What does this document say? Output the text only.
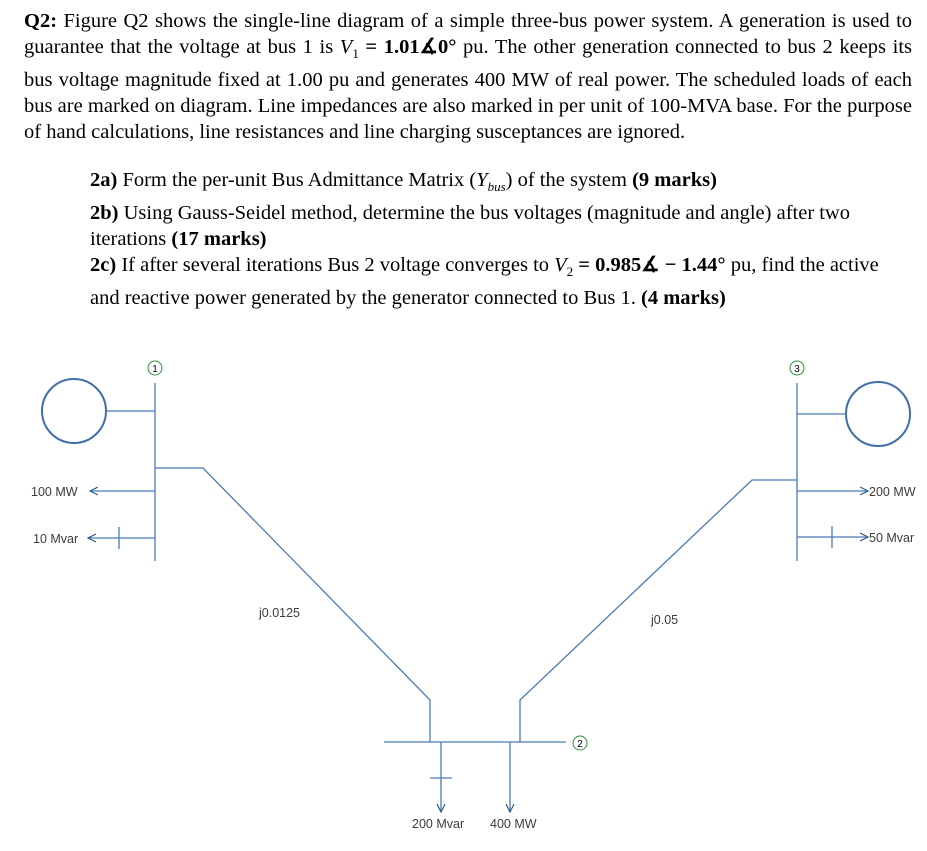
Q2: Figure Q2 shows the single-line diagram of a simple three-bus power system. A generation is used to guarantee that the voltage at bus 1 is $V_1$ = 1.01∡0° pu. The other generation connected to bus 2 keeps its bus voltage magnitude fixed at 1.00 pu and generates 400 MW of real power. The scheduled loads of each bus are marked on diagram. Line impedances are also marked in per unit of 100-MVA base. For the purpose of hand calculations, line resistances and line charging susceptances are ignored.
2a) Form the per-unit Bus Admittance Matrix $(Y_{bus})$ of the system (9 marks)
2b) Using Gauss-Seidel method, determine the bus voltages (magnitude and angle) after two iterations (17 marks)
2c) If after several iterations Bus 2 voltage converges to $V_2$ = 0.985∡ − 1.44° pu, find the active and reactive power generated by the generator connected to Bus 1. (4 marks)
1
100 MW
10 Mvar
j0.0125
3
200 MW
50 Mvar
j0.05
2
200 Mvar 400 MW
